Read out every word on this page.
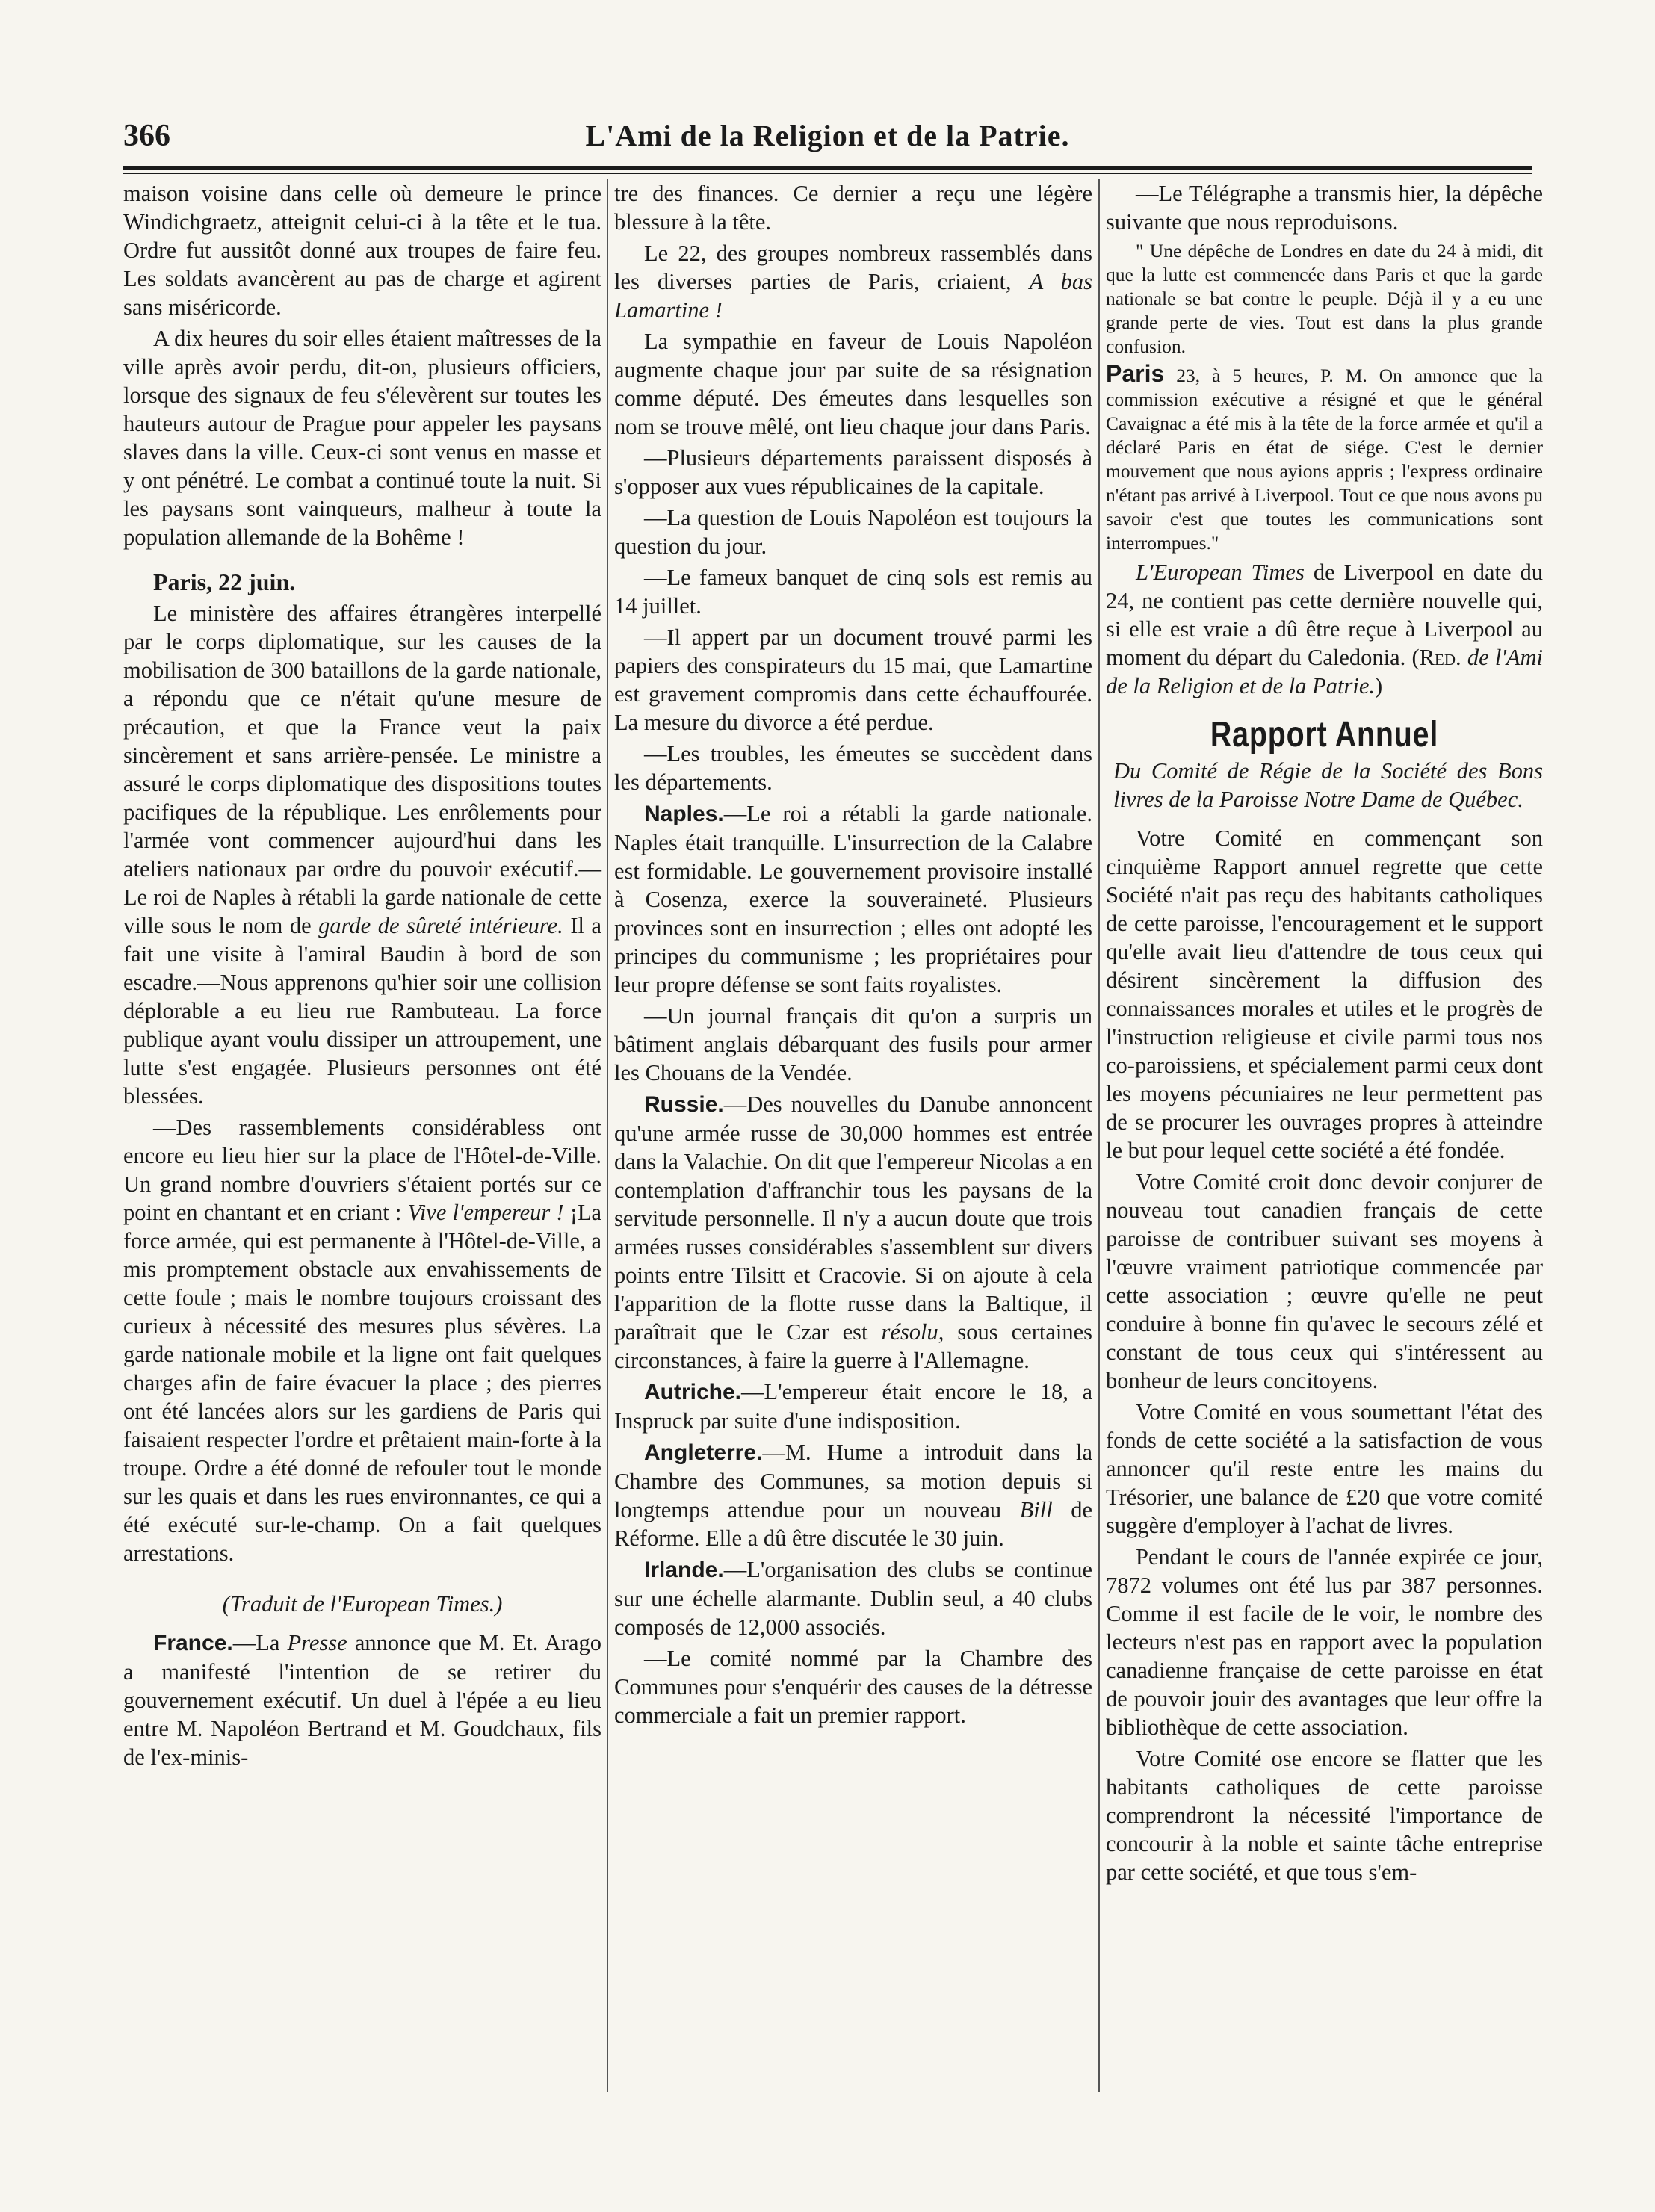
366	L'Ami de la Religion et de la Patrie.

maison voisine dans celle où demeure le prince Windichgraetz, atteignit celui-ci à la tête et le tua. Ordre fut aussitôt donné aux troupes de faire feu. Les soldats avancèrent au pas de charge et agirent sans miséricorde.

A dix heures du soir elles étaient maîtresses de la ville après avoir perdu, dit-on, plusieurs officiers, lorsque des signaux de feu s'élevèrent sur toutes les hauteurs autour de Prague pour appeler les paysans slaves dans la ville. Ceux-ci sont venus en masse et y ont pénétré. Le combat a continué toute la nuit. Si les paysans sont vainqueurs, malheur à toute la population allemande de la Bohême !

Paris, 22 juin.

Le ministère des affaires étrangères interpellé par le corps diplomatique, sur les causes de la mobilisation de 300 bataillons de la garde nationale, a répondu que ce n'était qu'une mesure de précaution, et que la France veut la paix sincèrement et sans arrière-pensée. Le ministre a assuré le corps diplomatique des dispositions toutes pacifiques de la république. Les enrôlements pour l'armée vont commencer aujourd'hui dans les ateliers nationaux par ordre du pouvoir exécutif.—Le roi de Naples à rétabli la garde nationale de cette ville sous le nom de garde de sûreté intérieure. Il a fait une visite à l'amiral Baudin à bord de son escadre.—Nous apprenons qu'hier soir une collision déplorable a eu lieu rue Rambuteau. La force publique ayant voulu dissiper un attroupement, une lutte s'est engagée. Plusieurs personnes ont été blessées.

—Des rassemblements considérabless ont encore eu lieu hier sur la place de l'Hôtel-de-Ville. Un grand nombre d'ouvriers s'étaient portés sur ce point en chantant et en criant : Vive l'empereur ! ¡La force armée, qui est permanente à l'Hôtel-de-Ville, a mis promptement obstacle aux envahissements de cette foule ; mais le nombre toujours croissant des curieux à nécessité des mesures plus sévères. La garde nationale mobile et la ligne ont fait quelques charges afin de faire évacuer la place ; des pierres ont été lancées alors sur les gardiens de Paris qui faisaient respecter l'ordre et prêtaient main-forte à la troupe. Ordre a été donné de refouler tout le monde sur les quais et dans les rues environnantes, ce qui a été exécuté sur-le-champ. On a fait quelques arrestations.

(Traduit de l'European Times.)

France.—La Presse annonce que M. Et. Arago a manifesté l'intention de se retirer du gouvernement exécutif. Un duel à l'épée a eu lieu entre M. Napoléon Bertrand et M. Goudchaux, fils de l'ex-minis-

tre des finances. Ce dernier a reçu une légère blessure à la tête.

Le 22, des groupes nombreux rassemblés dans les diverses parties de Paris, criaient, A bas Lamartine !

La sympathie en faveur de Louis Napoléon augmente chaque jour par suite de sa résignation comme député. Des émeutes dans lesquelles son nom se trouve mêlé, ont lieu chaque jour dans Paris.

—Plusieurs départements paraissent disposés à s'opposer aux vues républicaines de la capitale.

—La question de Louis Napoléon est toujours la question du jour.

—Le fameux banquet de cinq sols est remis au 14 juillet.

—Il appert par un document trouvé parmi les papiers des conspirateurs du 15 mai, que Lamartine est gravement compromis dans cette échauffourée. La mesure du divorce a été perdue.

—Les troubles, les émeutes se succèdent dans les départements.

Naples.—Le roi a rétabli la garde nationale. Naples était tranquille. L'insurrection de la Calabre est formidable. Le gouvernement provisoire installé à Cosenza, exerce la souveraineté. Plusieurs provinces sont en insurrection ; elles ont adopté les principes du communisme ; les propriétaires pour leur propre défense se sont faits royalistes.

—Un journal français dit qu'on a surpris un bâtiment anglais débarquant des fusils pour armer les Chouans de la Vendée.

Russie.—Des nouvelles du Danube annoncent qu'une armée russe de 30,000 hommes est entrée dans la Valachie. On dit que l'empereur Nicolas a en contemplation d'affranchir tous les paysans de la servitude personnelle. Il n'y a aucun doute que trois armées russes considérables s'assemblent sur divers points entre Tilsitt et Cracovie. Si on ajoute à cela l'apparition de la flotte russe dans la Baltique, il paraîtrait que le Czar est résolu, sous certaines circonstances, à faire la guerre à l'Allemagne.

Autriche.—L'empereur était encore le 18, a Inspruck par suite d'une indisposition.

Angleterre.—M. Hume a introduit dans la Chambre des Communes, sa motion depuis si longtemps attendue pour un nouveau Bill de Réforme. Elle a dû être discutée le 30 juin.

Irlande.—L'organisation des clubs se continue sur une échelle alarmante. Dublin seul, a 40 clubs composés de 12,000 associés.

—Le comité nommé par la Chambre des Communes pour s'enquérir des causes de la détresse commerciale a fait un premier rapport.

—Le Télégraphe a transmis hier, la dépêche suivante que nous reproduisons.

" Une dépêche de Londres en date du 24 à midi, dit que la lutte est commencée dans Paris et que la garde nationale se bat contre le peuple. Déjà il y a eu une grande perte de vies. Tout est dans la plus grande confusion.

Paris 23, à 5 heures, P. M. On annonce que la commission exécutive a résigné et que le général Cavaignac a été mis à la tête de la force armée et qu'il a déclaré Paris en état de siége. C'est le dernier mouvement que nous ayions appris ; l'express ordinaire n'étant pas arrivé à Liverpool. Tout ce que nous avons pu savoir c'est que toutes les communications sont interrompues."

L'European Times de Liverpool en date du 24, ne contient pas cette dernière nouvelle qui, si elle est vraie a dû être reçue à Liverpool au moment du départ du Caledonia. (Red. de l'Ami de la Religion et de la Patrie.)

Rapport Annuel

Du Comité de Régie de la Société des Bons livres de la Paroisse Notre Dame de Québec.

Votre Comité en commençant son cinquième Rapport annuel regrette que cette Société n'ait pas reçu des habitants catholiques de cette paroisse, l'encouragement et le support qu'elle avait lieu d'attendre de tous ceux qui désirent sincèrement la diffusion des connaissances morales et utiles et le progrès de l'instruction religieuse et civile parmi tous nos co-paroissiens, et spécialement parmi ceux dont les moyens pécuniaires ne leur permettent pas de se procurer les ouvrages propres à atteindre le but pour lequel cette société a été fondée.

Votre Comité croit donc devoir conjurer de nouveau tout canadien français de cette paroisse de contribuer suivant ses moyens à l'œuvre vraiment patriotique commencée par cette association ; œuvre qu'elle ne peut conduire à bonne fin qu'avec le secours zélé et constant de tous ceux qui s'intéressent au bonheur de leurs concitoyens.

Votre Comité en vous soumettant l'état des fonds de cette société a la satisfaction de vous annoncer qu'il reste entre les mains du Trésorier, une balance de £20 que votre comité suggère d'employer à l'achat de livres.

Pendant le cours de l'année expirée ce jour, 7872 volumes ont été lus par 387 personnes. Comme il est facile de le voir, le nombre des lecteurs n'est pas en rapport avec la population canadienne française de cette paroisse en état de pouvoir jouir des avantages que leur offre la bibliothèque de cette association.

Votre Comité ose encore se flatter que les habitants catholiques de cette paroisse comprendront la nécessité l'importance de concourir à la noble et sainte tâche entreprise par cette société, et que tous s'em-
